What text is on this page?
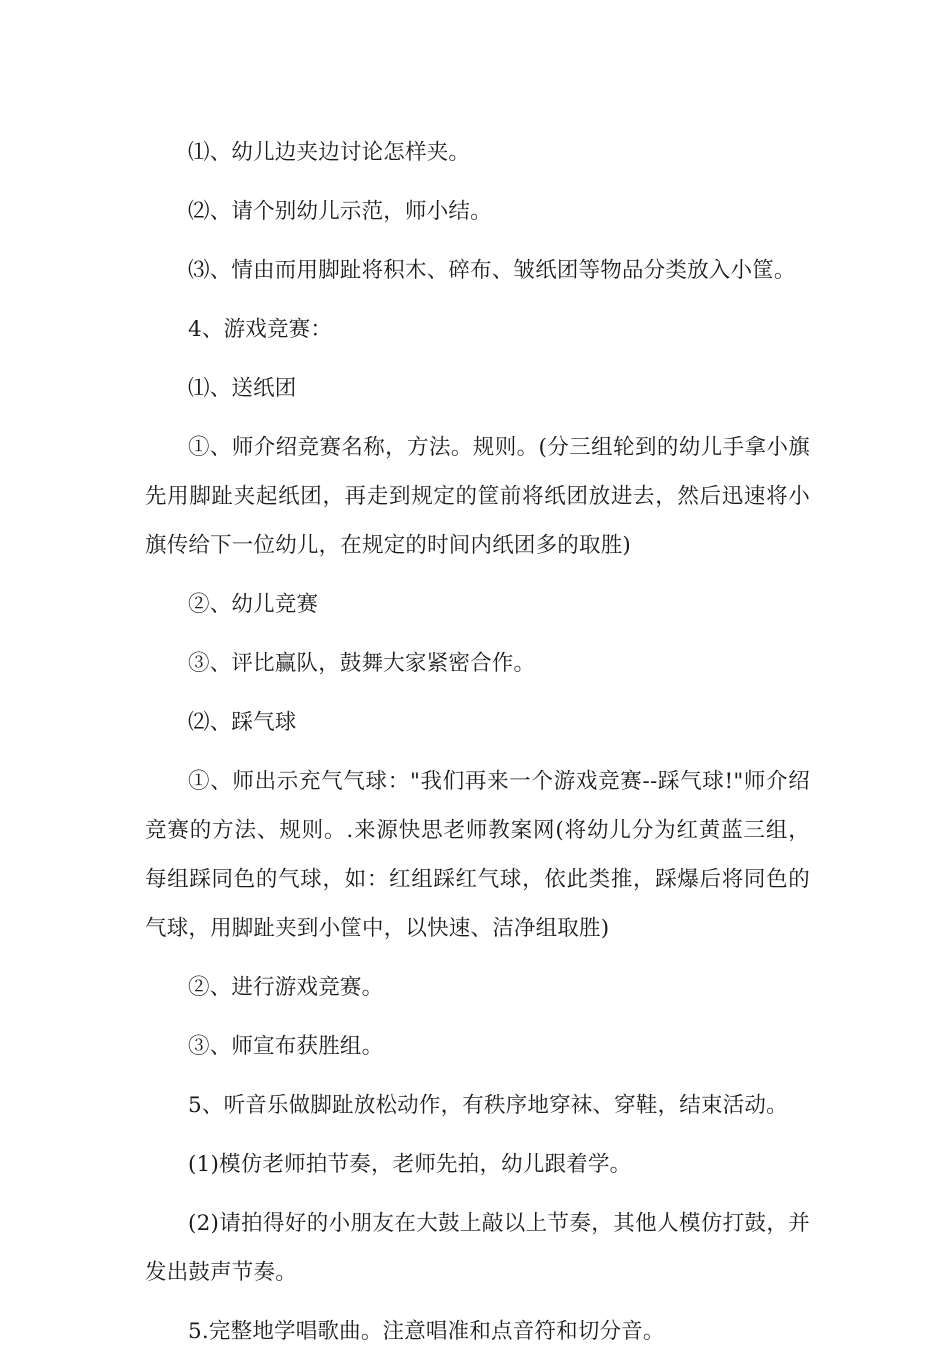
⑴、幼儿边夹边讨论怎样夹。

⑵、请个别幼儿示范，师小结。

⑶、情由而用脚趾将积木、碎布、皱纸团等物品分类放入小筐。

4、游戏竞赛：

⑴、送纸团

①、师介绍竞赛名称，方法。规则。(分三组轮到的幼儿手拿小旗先用脚趾夹起纸团，再走到规定的筐前将纸团放进去，然后迅速将小旗传给下一位幼儿，在规定的时间内纸团多的取胜)

②、幼儿竞赛

③、评比赢队，鼓舞大家紧密合作。

⑵、踩气球

①、师出示充气气球："我们再来一个游戏竞赛--踩气球!"师介绍竞赛的方法、规则。.来源快思老师教案网(将幼儿分为红黄蓝三组，每组踩同色的气球，如：红组踩红气球，依此类推，踩爆后将同色的气球，用脚趾夹到小筐中，以快速、洁净组取胜)

②、进行游戏竞赛。

③、师宣布获胜组。

5、听音乐做脚趾放松动作，有秩序地穿袜、穿鞋，结束活动。

(1)模仿老师拍节奏，老师先拍，幼儿跟着学。

(2)请拍得好的小朋友在大鼓上敲以上节奏，其他人模仿打鼓，并发出鼓声节奏。

5.完整地学唱歌曲。注意唱准和点音符和切分音。
